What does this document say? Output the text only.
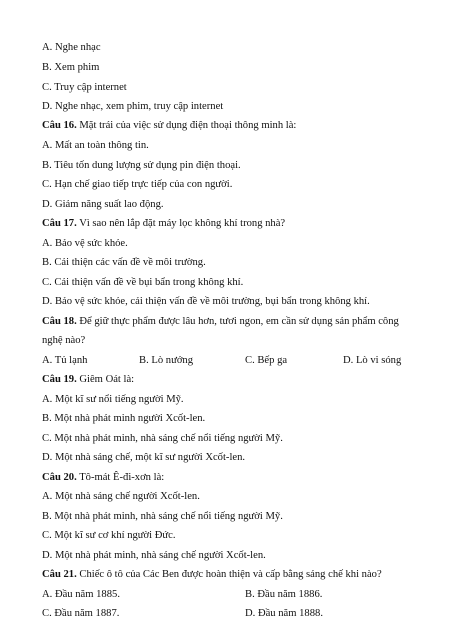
A. Nghe nhạc
B. Xem phim
C. Truy cập internet
D. Nghe nhạc, xem phim, truy cập internet
Câu 16. Mặt trái của việc sử dụng điện thoại thông minh là:
A. Mất an toàn thông tin.
B. Tiêu tốn dung lượng sử dụng pin điện thoại.
C. Hạn chế giao tiếp trực tiếp của con người.
D. Giảm năng suất lao động.
Câu 17. Vì sao nên lắp đặt máy lọc không khí trong nhà?
A. Bảo vệ sức khỏe.
B. Cải thiện các vấn đề về môi trường.
C. Cải thiện vấn đề về bụi bẩn trong không khí.
D. Bảo vệ sức khỏe, cải thiện vấn đề về môi trường, bụi bẩn trong không khí.
Câu 18. Để giữ thực phẩm được lâu hơn, tươi ngon, em cần sử dụng sản phẩm công
nghệ nào?
A. Tủ lạnh	B. Lò nướng	C. Bếp ga	D. Lò vi sóng
Câu 19. Giêm Oát là:
A. Một kĩ sư nổi tiếng người Mỹ.
B. Một nhà phát minh người Xcốt-len.
C. Một nhà phát minh, nhà sáng chế nổi tiếng người Mỹ.
D. Một nhà sáng chế, một kĩ sư người Xcốt-len.
Câu 20. Tô-mát Ê-đi-xơn là:
A. Một nhà sáng chế người Xcốt-len.
B. Một nhà phát minh, nhà sáng chế nổi tiếng người Mỹ.
C. Một kĩ sư cơ khí người Đức.
D. Một nhà phát minh, nhà sáng chế người Xcốt-len.
Câu 21. Chiếc ô tô của Các Ben được hoàn thiện và cấp bằng sáng chế khi nào?
A. Đầu năm 1885.	B. Đầu năm 1886.
C. Đầu năm 1887.	D. Đầu năm 1888.
